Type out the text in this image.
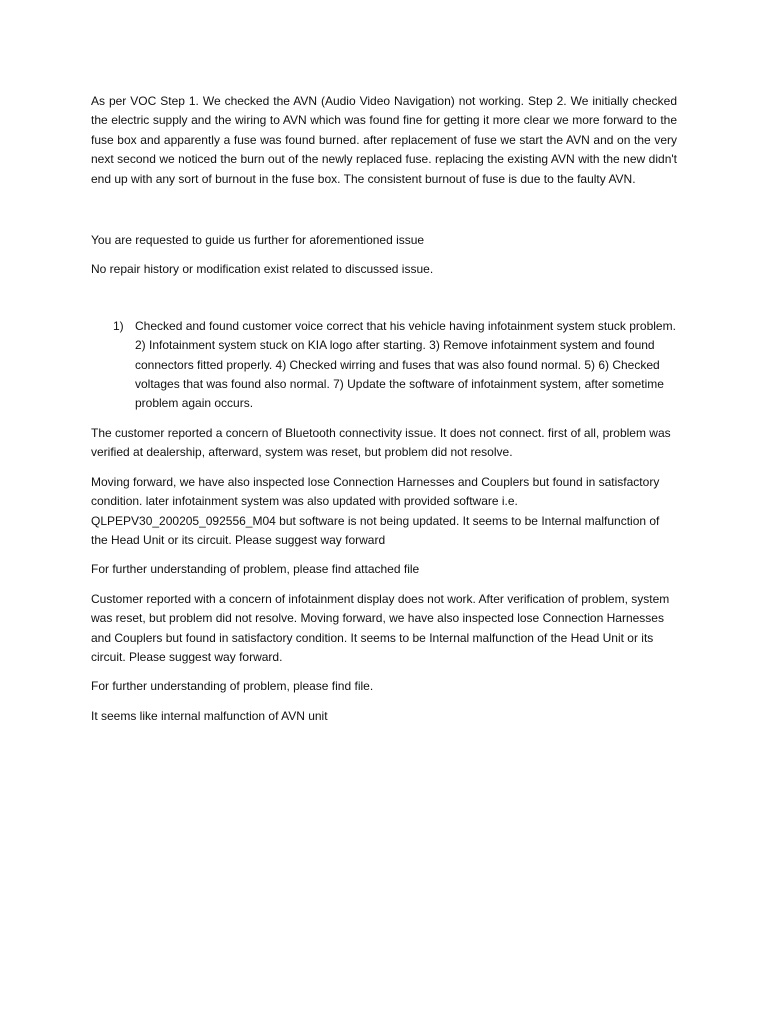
As per VOC Step 1. We checked the AVN (Audio Video Navigation) not working. Step 2. We initially checked the electric supply and the wiring to AVN which was found fine for getting it more clear we more forward to the fuse box and apparently a fuse was found burned. after replacement of fuse we start the AVN and on the very next second we noticed the burn out of the newly replaced fuse. replacing the existing AVN with the new didn't end up with any sort of burnout in the fuse box. The consistent burnout of fuse is due to the faulty AVN.

You are requested to guide us further for aforementioned issue

No repair history or modification exist related to discussed issue.

1) Checked and found customer voice correct that his vehicle having infotainment system stuck problem. 2) Infotainment system stuck on KIA logo after starting. 3) Remove infotainment system and found connectors fitted properly. 4) Checked wirring and fuses that was also found normal. 5) 6) Checked voltages that was found also normal. 7) Update the software of infotainment system, after sometime problem again occurs.

The customer reported a concern of Bluetooth connectivity issue. It does not connect. first of all, problem was verified at dealership, afterward, system was reset, but problem did not resolve.

Moving forward, we have also inspected lose Connection Harnesses and Couplers but found in satisfactory condition. later infotainment system was also updated with provided software i.e. QLPEPV30_200205_092556_M04 but software is not being updated. It seems to be Internal malfunction of the Head Unit or its circuit. Please suggest way forward

For further understanding of problem, please find attached file

Customer reported with a concern of infotainment display does not work. After verification of problem, system was reset, but problem did not resolve. Moving forward, we have also inspected lose Connection Harnesses and Couplers but found in satisfactory condition. It seems to be Internal malfunction of the Head Unit or its circuit. Please suggest way forward.

For further understanding of problem, please find file.

It seems like internal malfunction of AVN unit
